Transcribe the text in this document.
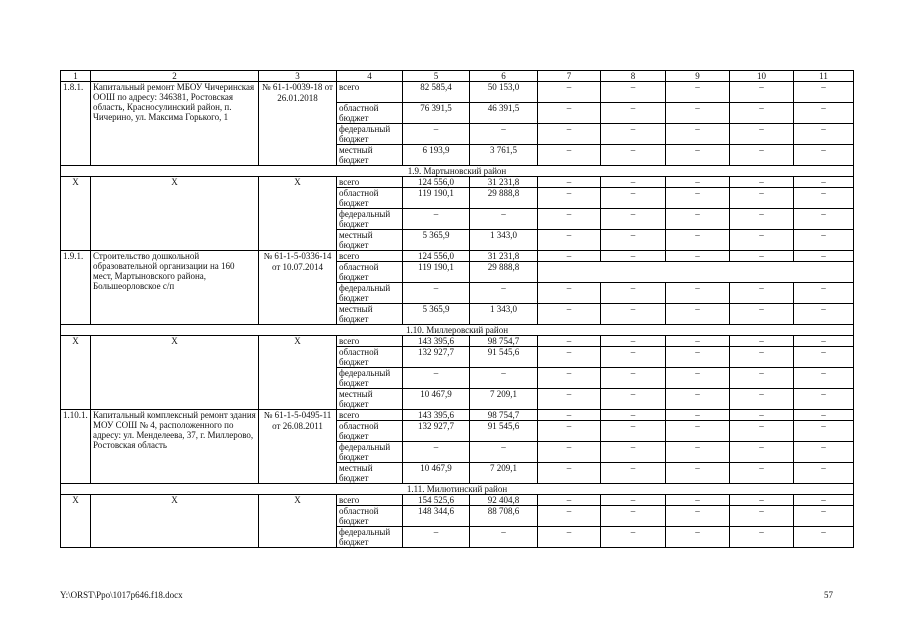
1	2	3	4	5	6	7	8	9	10	11
1.8.1.	Капитальный ремонт МБОУ Чичеринская ООШ по адресу: 346381, Ростовская область, Красносулинский район, п. Чичерино, ул. Максима Горького, 1	№ 61-1-0039-18 от 26.01.2018	всего	82 585,4	50 153,0	–	–	–	–	–
			областной бюджет	76 391,5	46 391,5	–	–	–	–	–
			федеральный бюджет	–	–	–	–	–	–	–
			местный бюджет	6 193,9	3 761,5	–	–	–	–	–
1.9. Мартыновский район										
Х	Х	Х	всего	124 556,0	31 231,8	–	–	–	–	–
			областной бюджет	119 190,1	29 888,8	–	–	–	–	–
			федеральный бюджет	–	–	–	–	–	–	–
			местный бюджет	5 365,9	1 343,0	–	–	–	–	–
1.9.1.	Строительство дошкольной образовательной организации на 160 мест, Мартыновского района, Большеорловское с/п	№ 61-1-5-0336-14 от 10.07.2014	всего	124 556,0	31 231,8	–	–	–	–	–
			областной бюджет	119 190,1	29 888,8					
			федеральный бюджет	–	–	–	–	–	–	–
			местный бюджет	5 365,9	1 343,0	–	–	–	–	–
1.10. Миллеровский район										
Х	Х	Х	всего	143 395,6	98 754,7	–	–	–	–	–
			областной бюджет	132 927,7	91 545,6	–	–	–	–	–
			федеральный бюджет	–	–	–	–	–	–	–
			местный бюджет	10 467,9	7 209,1	–	–	–	–	–
1.10.1.	Капитальный комплексный ремонт здания МОУ СОШ № 4, расположенного по адресу: ул. Менделеева, 37, г. Миллерово, Ростовская область	№ 61-1-5-0495-11 от 26.08.2011	всего	143 395,6	98 754,7	–	–	–	–	–
			областной бюджет	132 927,7	91 545,6	–	–	–	–	–
			федеральный бюджет	–	–	–	–	–	–	–
			местный бюджет	10 467,9	7 209,1	–	–	–	–	–
1.11. Милютинский район										
Х	Х	Х	всего	154 525,6	92 404,8	–	–	–	–	–
			областной бюджет	148 344,6	88 708,6	–	–	–	–	–
			федеральный бюджет	–	–	–	–	–	–	–
Y:\ORST\Ppo\1017p646.f18.docx	57
